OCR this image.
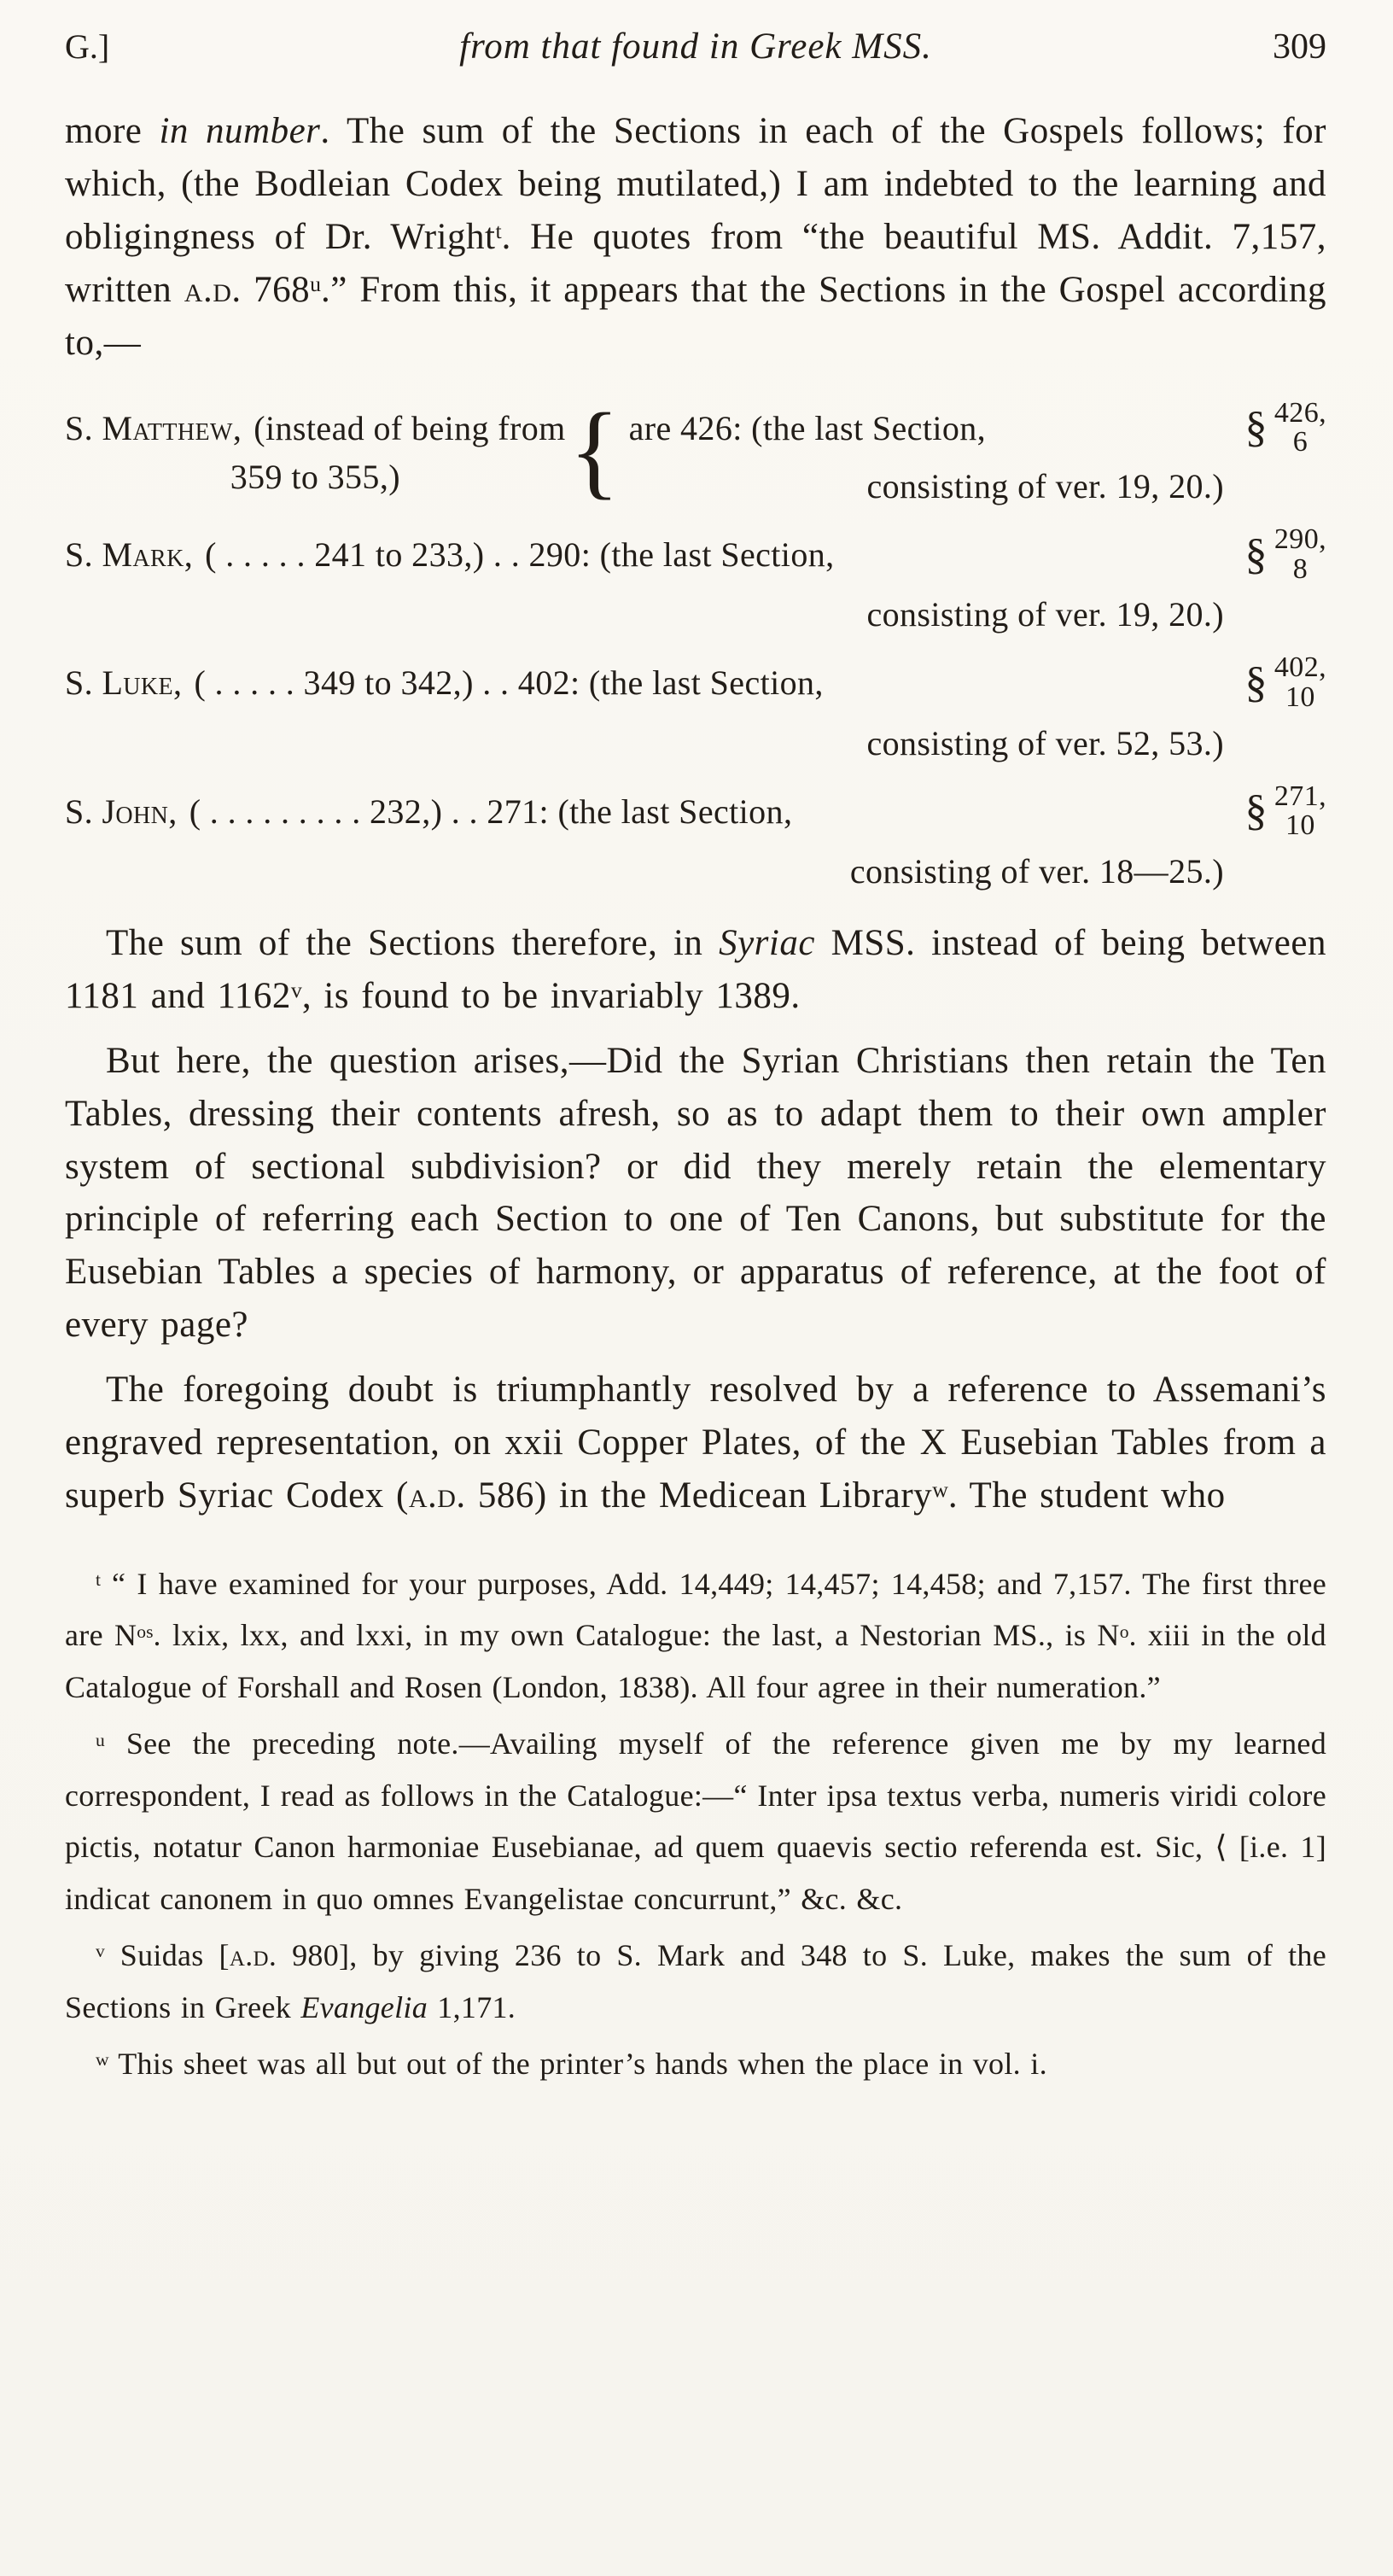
G.]	from that found in Greek MSS.	309

more in number. The sum of the Sections in each of the Gospels follows; for which, (the Bodleian Codex being mutilated,) I am indebted to the learning and obligingness of Dr. Wright$^t$. He quotes from “the beautiful MS. Addit. 7,157, written a.d. 768$^u$.” From this, it appears that the Sections in the Gospel according to,—

S. Matthew, (instead of being from
359 to 355,)	{ are 426: (the last Section,	§ 426,
6
consisting of ver. 19, 20.)
S. Mark, ( . . . . . 241 to 233,) . . 290: (the last Section,	§ 290,
8
consisting of ver. 19, 20.)
S. Luke, ( . . . . . 349 to 342,) . . 402: (the last Section,	§ 402,
10
consisting of ver. 52, 53.)
S. John, ( . . . . . . . . . 232,) . . 271: (the last Section,	§ 271,
10
consisting of ver. 18—25.)

The sum of the Sections therefore, in Syriac MSS. instead of being between 1181 and 1162$^v$, is found to be invariably 1389.

But here, the question arises,—Did the Syrian Christians then retain the Ten Tables, dressing their contents afresh, so as to adapt them to their own ampler system of sectional subdivision? or did they merely retain the elementary principle of referring each Section to one of Ten Canons, but substitute for the Eusebian Tables a species of harmony, or apparatus of reference, at the foot of every page?

The foregoing doubt is triumphantly resolved by a reference to Assemani’s engraved representation, on xxii Copper Plates, of the X Eusebian Tables from a superb Syriac Codex (a.d. 586) in the Medicean Library$^w$. The student who

$^t$ “ I have examined for your purposes, Add. 14,449; 14,457; 14,458; and 7,157. The first three are $N^{os}$. lxix, lxx, and lxxi, in my own Catalogue: the last, a Nestorian MS., is $N^o$. xiii in the old Catalogue of Forshall and Rosen (London, 1838). All four agree in their numeration.”

$^u$ See the preceding note.—Availing myself of the reference given me by my learned correspondent, I read as follows in the Catalogue:—“ Inter ipsa textus verba, numeris viridi colore pictis, notatur Canon harmoniae Eusebianae, ad quem quaevis sectio referenda est. Sic, ⟨ [i.e. 1] indicat canonem in quo omnes Evangelistae concurrunt,” &c. &c.

$^v$ Suidas [a.d. 980], by giving 236 to S. Mark and 348 to S. Luke, makes the sum of the Sections in Greek Evangelia 1,171.

$^w$ This sheet was all but out of the printer’s hands when the place in vol. i.
